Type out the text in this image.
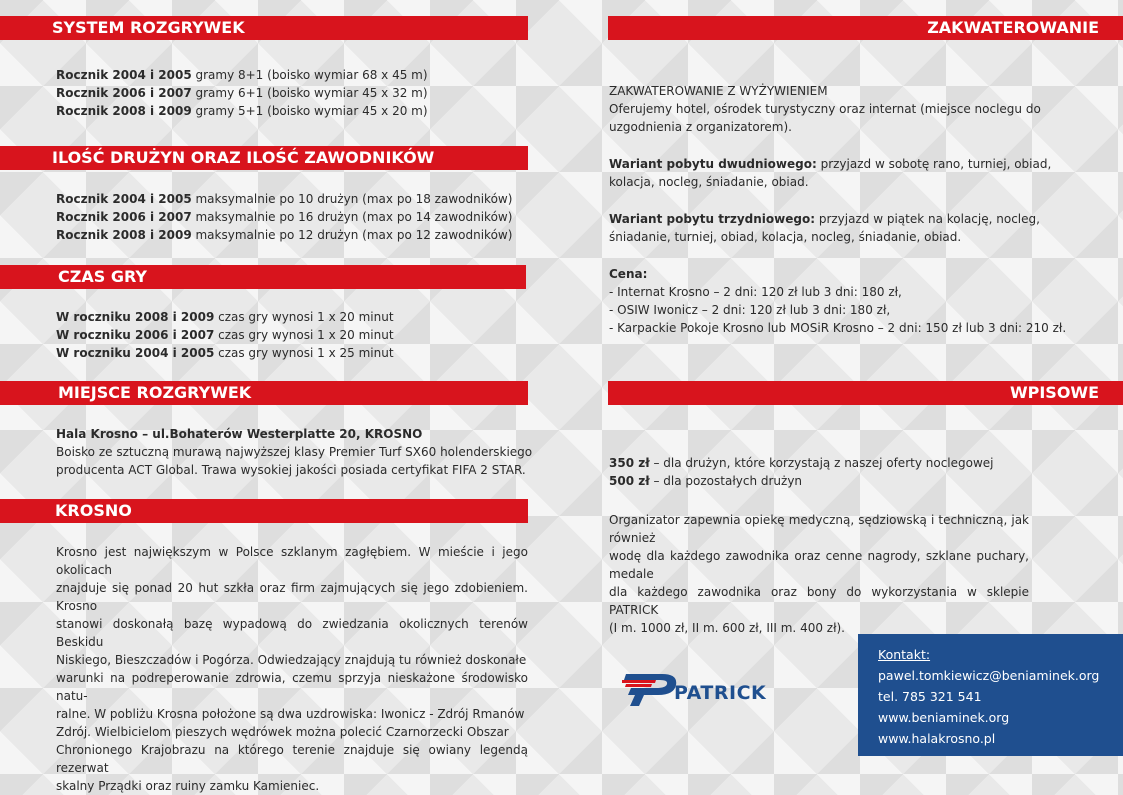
SYSTEM ROZGRYWEK

Rocznik 2004 i 2005 gramy 8+1 (boisko wymiar 68 x 45 m)

Rocznik 2006 i 2007 gramy 6+1 (boisko wymiar 45 x 32 m)

Rocznik 2008 i 2009 gramy 5+1 (boisko wymiar 45 x 20 m)

ILOŚĆ DRUŻYN ORAZ ILOŚĆ ZAWODNIKÓW

Rocznik 2004 i 2005 maksymalnie po 10 drużyn (max po 18 zawodników)

Rocznik 2006 i 2007 maksymalnie po 16 drużyn (max po 14 zawodników)

Rocznik 2008 i 2009 maksymalnie po 12 drużyn (max po 12 zawodników)

CZAS GRY

W roczniku 2008 i 2009 czas gry wynosi 1 x 20 minut

W roczniku 2006 i 2007 czas gry wynosi 1 x 20 minut

W roczniku 2004 i 2005 czas gry wynosi 1 x 25 minut

MIEJSCE ROZGRYWEK

Hala Krosno – ul.Bohaterów Westerplatte 20, KROSNO

Boisko ze sztuczną murawą najwyższej klasy Premier Turf SX60 holenderskiego

producenta ACT Global. Trawa wysokiej jakości posiada certyfikat FIFA 2 STAR.

KROSNO

Krosno jest największym w Polsce szklanym zagłębiem. W mieście i jego okolicach

znajduje się ponad 20 hut szkła oraz firm zajmujących się jego zdobieniem. Krosno

stanowi doskonałą bazę wypadową do zwiedzania okolicznych terenów Beskidu

Niskiego, Bieszczadów i Pogórza. Odwiedzający znajdują tu również doskonałe

warunki na podreperowanie zdrowia, czemu sprzyja nieskażone środowisko natu-

ralne. W pobliżu Krosna położone są dwa uzdrowiska: Iwonicz - Zdrój Rmanów

Zdrój. Wielbicielom pieszych wędrówek można polecić Czarnorzecki Obszar

Chronionego Krajobrazu na którego terenie znajduje się owiany legendą rezerwat

skalny Prządki oraz ruiny zamku Kamieniec.

ZAKWATEROWANIE

ZAKWATEROWANIE Z WYŻYWIENIEM

Oferujemy hotel, ośrodek turystyczny oraz internat (miejsce noclegu do

uzgodnienia z organizatorem).

Wariant pobytu dwudniowego: przyjazd w sobotę rano, turniej, obiad,

kolacja, nocleg, śniadanie, obiad.

Wariant pobytu trzydniowego: przyjazd w piątek na kolację, nocleg,

śniadanie, turniej, obiad, kolacja, nocleg, śniadanie, obiad.

Cena:

- Internat Krosno – 2 dni: 120 zł lub 3 dni: 180 zł,

- OSIW Iwonicz – 2 dni: 120 zł lub 3 dni: 180 zł,

- Karpackie Pokoje Krosno lub MOSiR Krosno – 2 dni: 150 zł lub 3 dni: 210 zł.

WPISOWE

350 zł – dla drużyn, które korzystają z naszej oferty noclegowej

500 zł – dla pozostałych drużyn

Organizator zapewnia opiekę medyczną, sędziowską i techniczną, jak również

wodę dla każdego zawodnika oraz cenne nagrody, szklane puchary, medale

dla każdego zawodnika oraz bony do wykorzystania w sklepie PATRICK

(I m. 1000 zł, II m. 600 zł, III m. 400 zł).

PATRICK
Kontakt:
pawel.tomkiewicz@beniaminek.org
tel. 785 321 541
www.beniaminek.org
www.halakrosno.pl
